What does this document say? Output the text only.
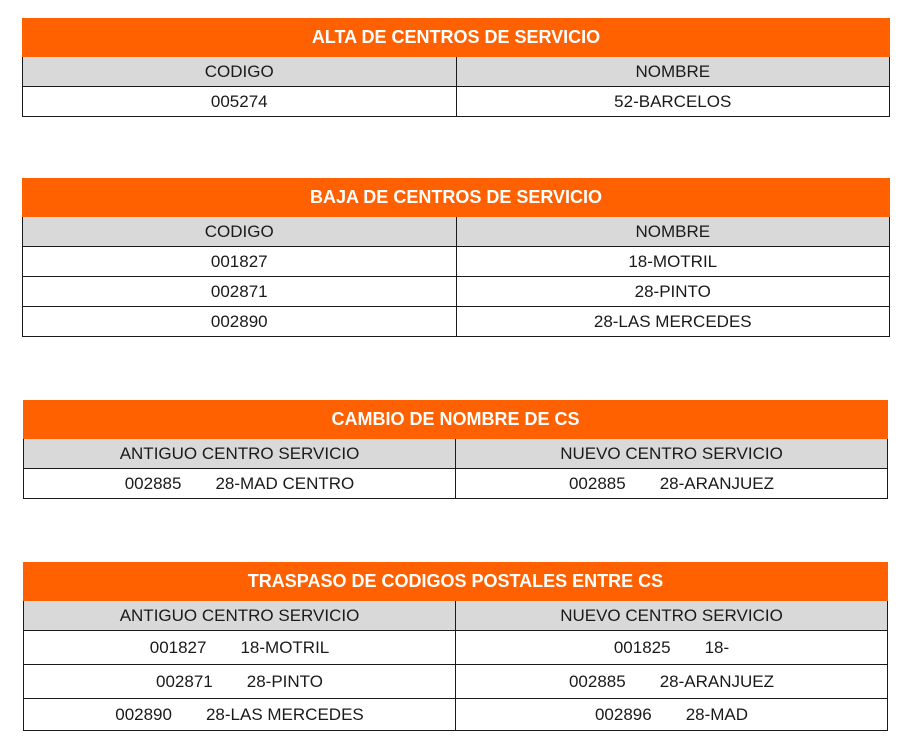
ALTA DE CENTROS DE SERVICIO	
CODIGO	NOMBRE
005274	52-BARCELOS
BAJA DE CENTROS DE SERVICIO	
CODIGO	NOMBRE
001827	18-MOTRIL
002871	28-PINTO
002890	28-LAS MERCEDES
CAMBIO DE NOMBRE DE CS	
ANTIGUO CENTRO SERVICIO	NUEVO CENTRO SERVICIO
002885 28-MAD CENTRO	002885 28-ARANJUEZ
TRASPASO DE CODIGOS POSTALES ENTRE CS	
ANTIGUO CENTRO SERVICIO	NUEVO CENTRO SERVICIO
001827 18-MOTRIL	001825 18-
002871 28-PINTO	002885 28-ARANJUEZ
002890 28-LAS MERCEDES	002896 28-MAD
